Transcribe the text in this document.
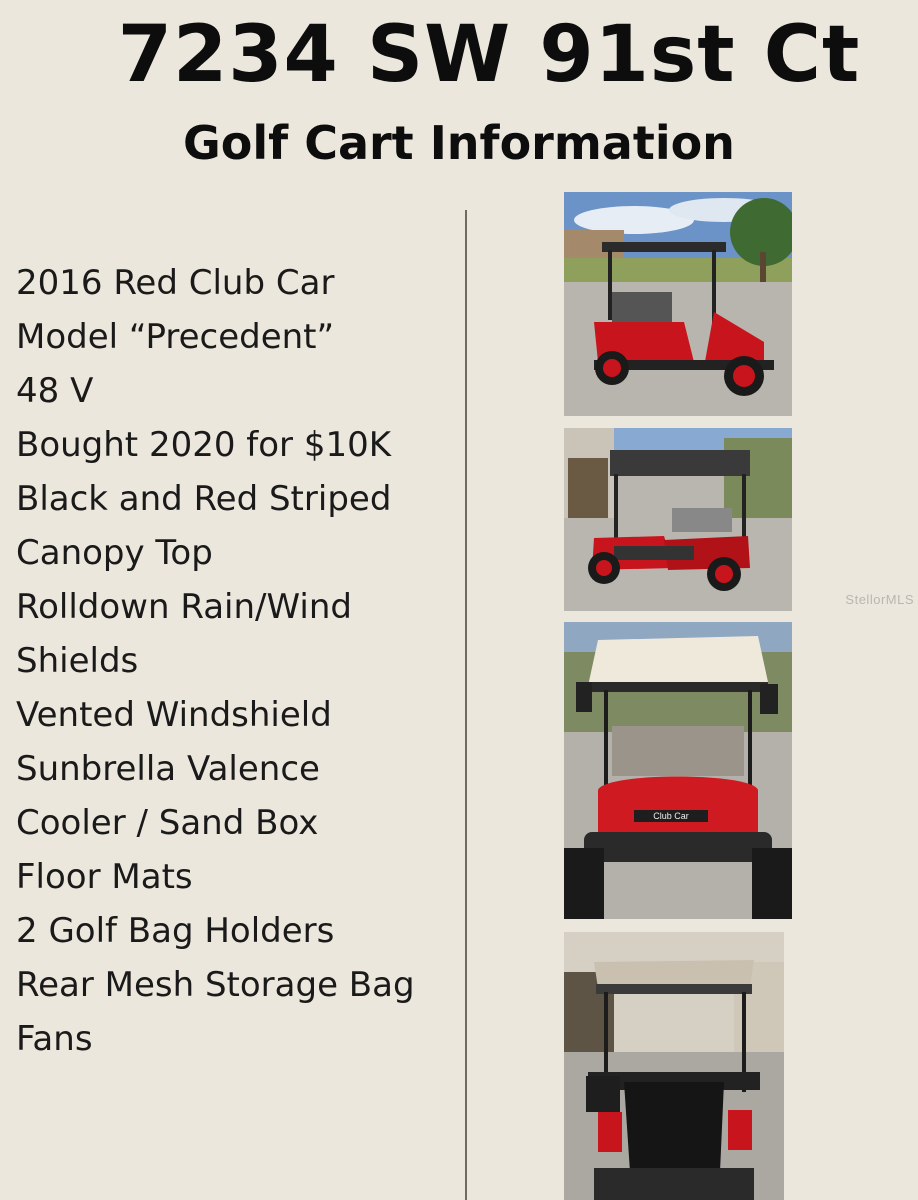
7234 SW 91st Ct
Golf Cart Information
2016 Red Club Car
Model “Precedent”
48 V
Bought 2020 for $10K
Black and Red Striped
Canopy Top
Rolldown Rain/Wind
Shields
Vented Windshield
Sunbrella Valence
Cooler / Sand Box
Floor Mats
2 Golf Bag Holders
Rear Mesh Storage Bag
Fans
Club Car
StellorMLS
